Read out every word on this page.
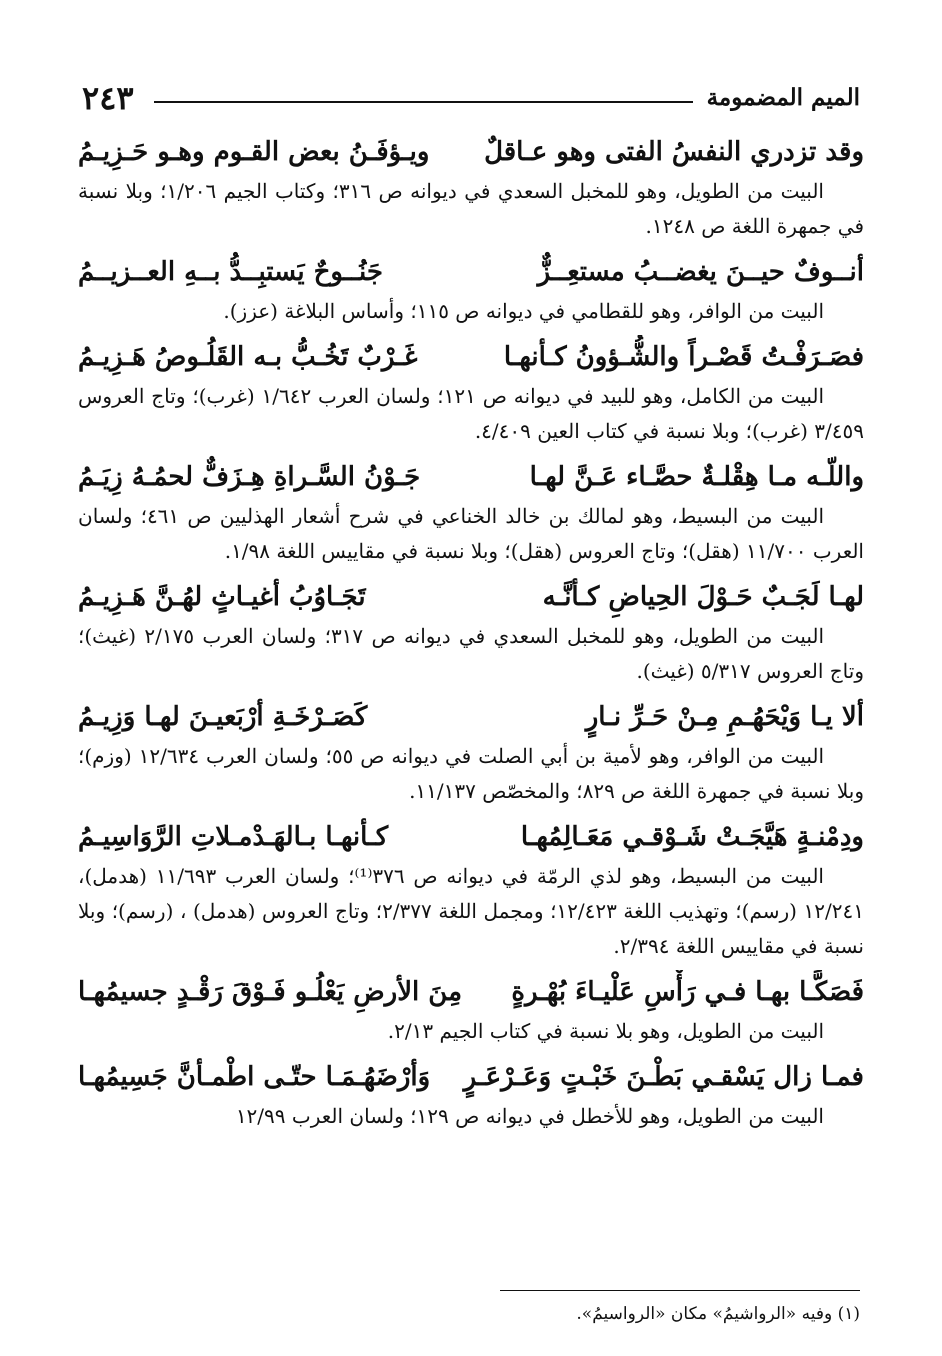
٢٤٣	الميم المضمومة
وقد تزدري النفسُ الفتى وهو عـاقلٌ
ويـؤفَـنُ بعض القـوم وهـو حَـزِيـمُ

البيت من الطويل، وهو للمخبل السعدي في ديوانه ص ٣١٦؛ وكتاب الجيم ١/٢٠٦؛ وبلا نسبة في جمهرة اللغة ص ١٢٤٨.

أنــوفٌ حيــنَ يغضــبُ مستعِــزٌّ
جَنُــوحٌ يَستبِــدُّ بــهِ العــزيــمُ

البيت من الوافر، وهو للقطامي في ديوانه ص ١١٥؛ وأساس البلاغة (عزز).

فصَـرَفْـتُ قَصْـراً والشُّـؤونُ كـأنهـا
غَـرْبٌ تَخُـبُّ بـه القَلُـوصُ هَـزِيـمُ

البيت من الكامل، وهو للبيد في ديوانه ص ١٢١؛ ولسان العرب ١/٦٤٢ (غرب)؛ وتاج العروس ٣/٤٥٩ (غرب)؛ وبلا نسبة في كتاب العين ٤/٤٠٩.

واللّـه مـا هِقْلـةٌ حصَّـاء عَـنَّ لهـا
جَـوْنُ السَّـراةِ هِـزَفٌّ لحمُـهُ زِيَـمُ

البيت من البسيط، وهو لمالك بن خالد الخناعي في شرح أشعار الهذليين ص ٤٦١؛ ولسان العرب ١١/٧٠٠ (هقل)؛ وتاج العروس (هقل)؛ وبلا نسبة في مقاييس اللغة ١/٩٨.

لهـا لَجَـبٌ حَـوْلَ الحِياضِ كـأنَّـه
تَجَـاوُبُ أغيـاثٍ لهُـنَّ هَـزِيـمُ

البيت من الطويل، وهو للمخبل السعدي في ديوانه ص ٣١٧؛ ولسان العرب ٢/١٧٥ (غيث)؛ وتاج العروس ٥/٣١٧ (غيث).

ألا يـا وَيْحَهُـمِ مِـنْ حَـرِّ نـارٍ
كَصَـرْخَـةِ أرْبَعيـنَ لهـا وَزِيـمُ

البيت من الوافر، وهو لأمية بن أبي الصلت في ديوانه ص ٥٥؛ ولسان العرب ١٢/٦٣٤ (وزم)؛ وبلا نسبة في جمهرة اللغة ص ٨٢٩؛ والمخصّص ١١/١٣٧.

ودِمْنـةٍ هَيَّجَـتْ شَـوْقـي مَعَـالِمُهـا
كـأنهـا بـالهَـدْمـلاتِ الرَّوَاسِيـمُ

البيت من البسيط، وهو لذي الرمّة في ديوانه ص ٣٧٦⁽¹⁾؛ ولسان العرب ١١/٦٩٣ (هدمل)، ١٢/٢٤١ (رسم)؛ وتهذيب اللغة ١٢/٤٢٣؛ ومجمل اللغة ٢/٣٧٧؛ وتاج العروس (هدمل) ، (رسم)؛ وبلا نسبة في مقاييس اللغة ٢/٣٩٤.

فَصَكَّـا بهـا فـي رَأْسِ عَلْيـاءَ بُهْـرةٍ
مِنَ الأرضِ يَعْلُـو فَـوْقَ رَقْـدٍ جسيمُهـا

البيت من الطويل، وهو بلا نسبة في كتاب الجيم ٢/١٣.

فمـا زال يَسْقـي بَطْـنَ خَبْـتٍ وَعَـرْعَـرٍ
وَأرْضَهُـمَـا حتّـى اطْمـأنَّ جَسِيمُهـا

البيت من الطويل، وهو للأخطل في ديوانه ص ١٢٩؛ ولسان العرب ١٢/٩٩

(١) وفيه «الرواشيمُ» مكان «الرواسيمُ».
